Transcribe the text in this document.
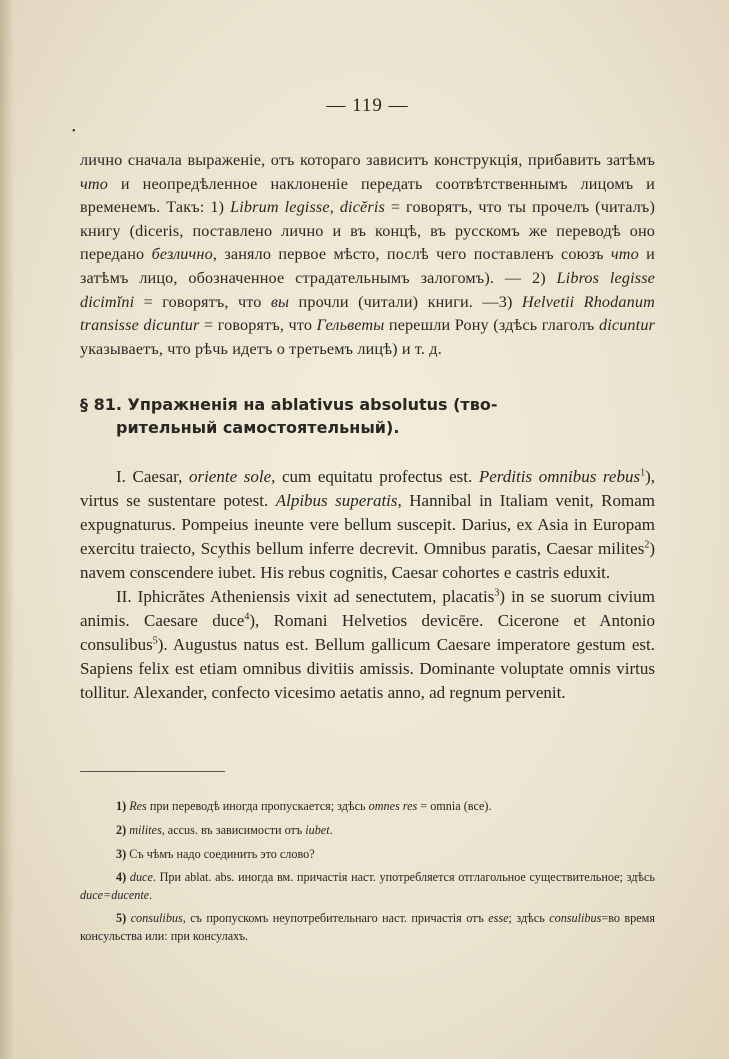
•
— 119 —

лично сначала выраженіе, отъ котораго зависитъ конструкція, прибавить затѣмъ что и неопредѣленное наклоненіе передать соотвѣтственнымъ лицомъ и временемъ. Такъ: 1) Librum legisse, dicĕris = говорятъ, что ты прочелъ (читалъ) книгу (diceris, поставлено лично и въ концѣ, въ русскомъ же переводѣ оно передано безлично, заняло первое мѣсто, послѣ чего поставленъ союзъ что и затѣмъ лицо, обозначенное страдательнымъ залогомъ). — 2) Libros legisse dicimĭni = говорятъ, что вы прочли (читали) книги. —3) Helvetii Rhodanum transisse dicuntur = говорятъ, что Гельветы перешли Рону (здѣсь глаголъ dicuntur указываетъ, что рѣчь идетъ о третьемъ лицѣ) и т. д.

§ 81. Упражненія на ablativus absolutus (тво-
рительный самостоятельный).

I. Caesar, oriente sole, cum equitatu profectus est. Perditis omnibus rebus$^1$), virtus se sustentare potest. Alpibus superatis, Hannibal in Italiam venit, Romam expugnaturus. Pompeius ineunte vere bellum suscepit. Darius, ex Asia in Europam exercitu traiecto, Scythis bellum inferre decrevit. Omnibus paratis, Caesar milites$^2$) navem conscendere iubet. His rebus cognitis, Caesar cohortes e castris eduxit.

II. Iphicrătes Atheniensis vixit ad senectutem, placatis$^3$) in se suorum civium animis. Caesare duce$^4$), Romani Helvetios devicēre. Cicerone et Antonio consulibus$^5$). Augustus natus est. Bellum gallicum Caesare imperatore gestum est. Sapiens felix est etiam omnibus divitiis amissis. Dominante voluptate omnis virtus tollitur. Alexander, confecto vicesimo aetatis anno, ad regnum pervenit.

1) Res при переводѣ иногда пропускается; здѣсь omnes res = omnia (все).

2) milites, accus. въ зависимости отъ iubet.

3) Съ чѣмъ надо соединить это слово?

4) duce. При ablat. abs. иногда вм. причастія наст. употребляется отглагольное существительное; здѣсь duce=ducente.

5) consulibus, съ пропускомъ неупотребительнаго наст. причастія отъ esse; здѣсь consulibus=во время консульства или: при консулахъ.
